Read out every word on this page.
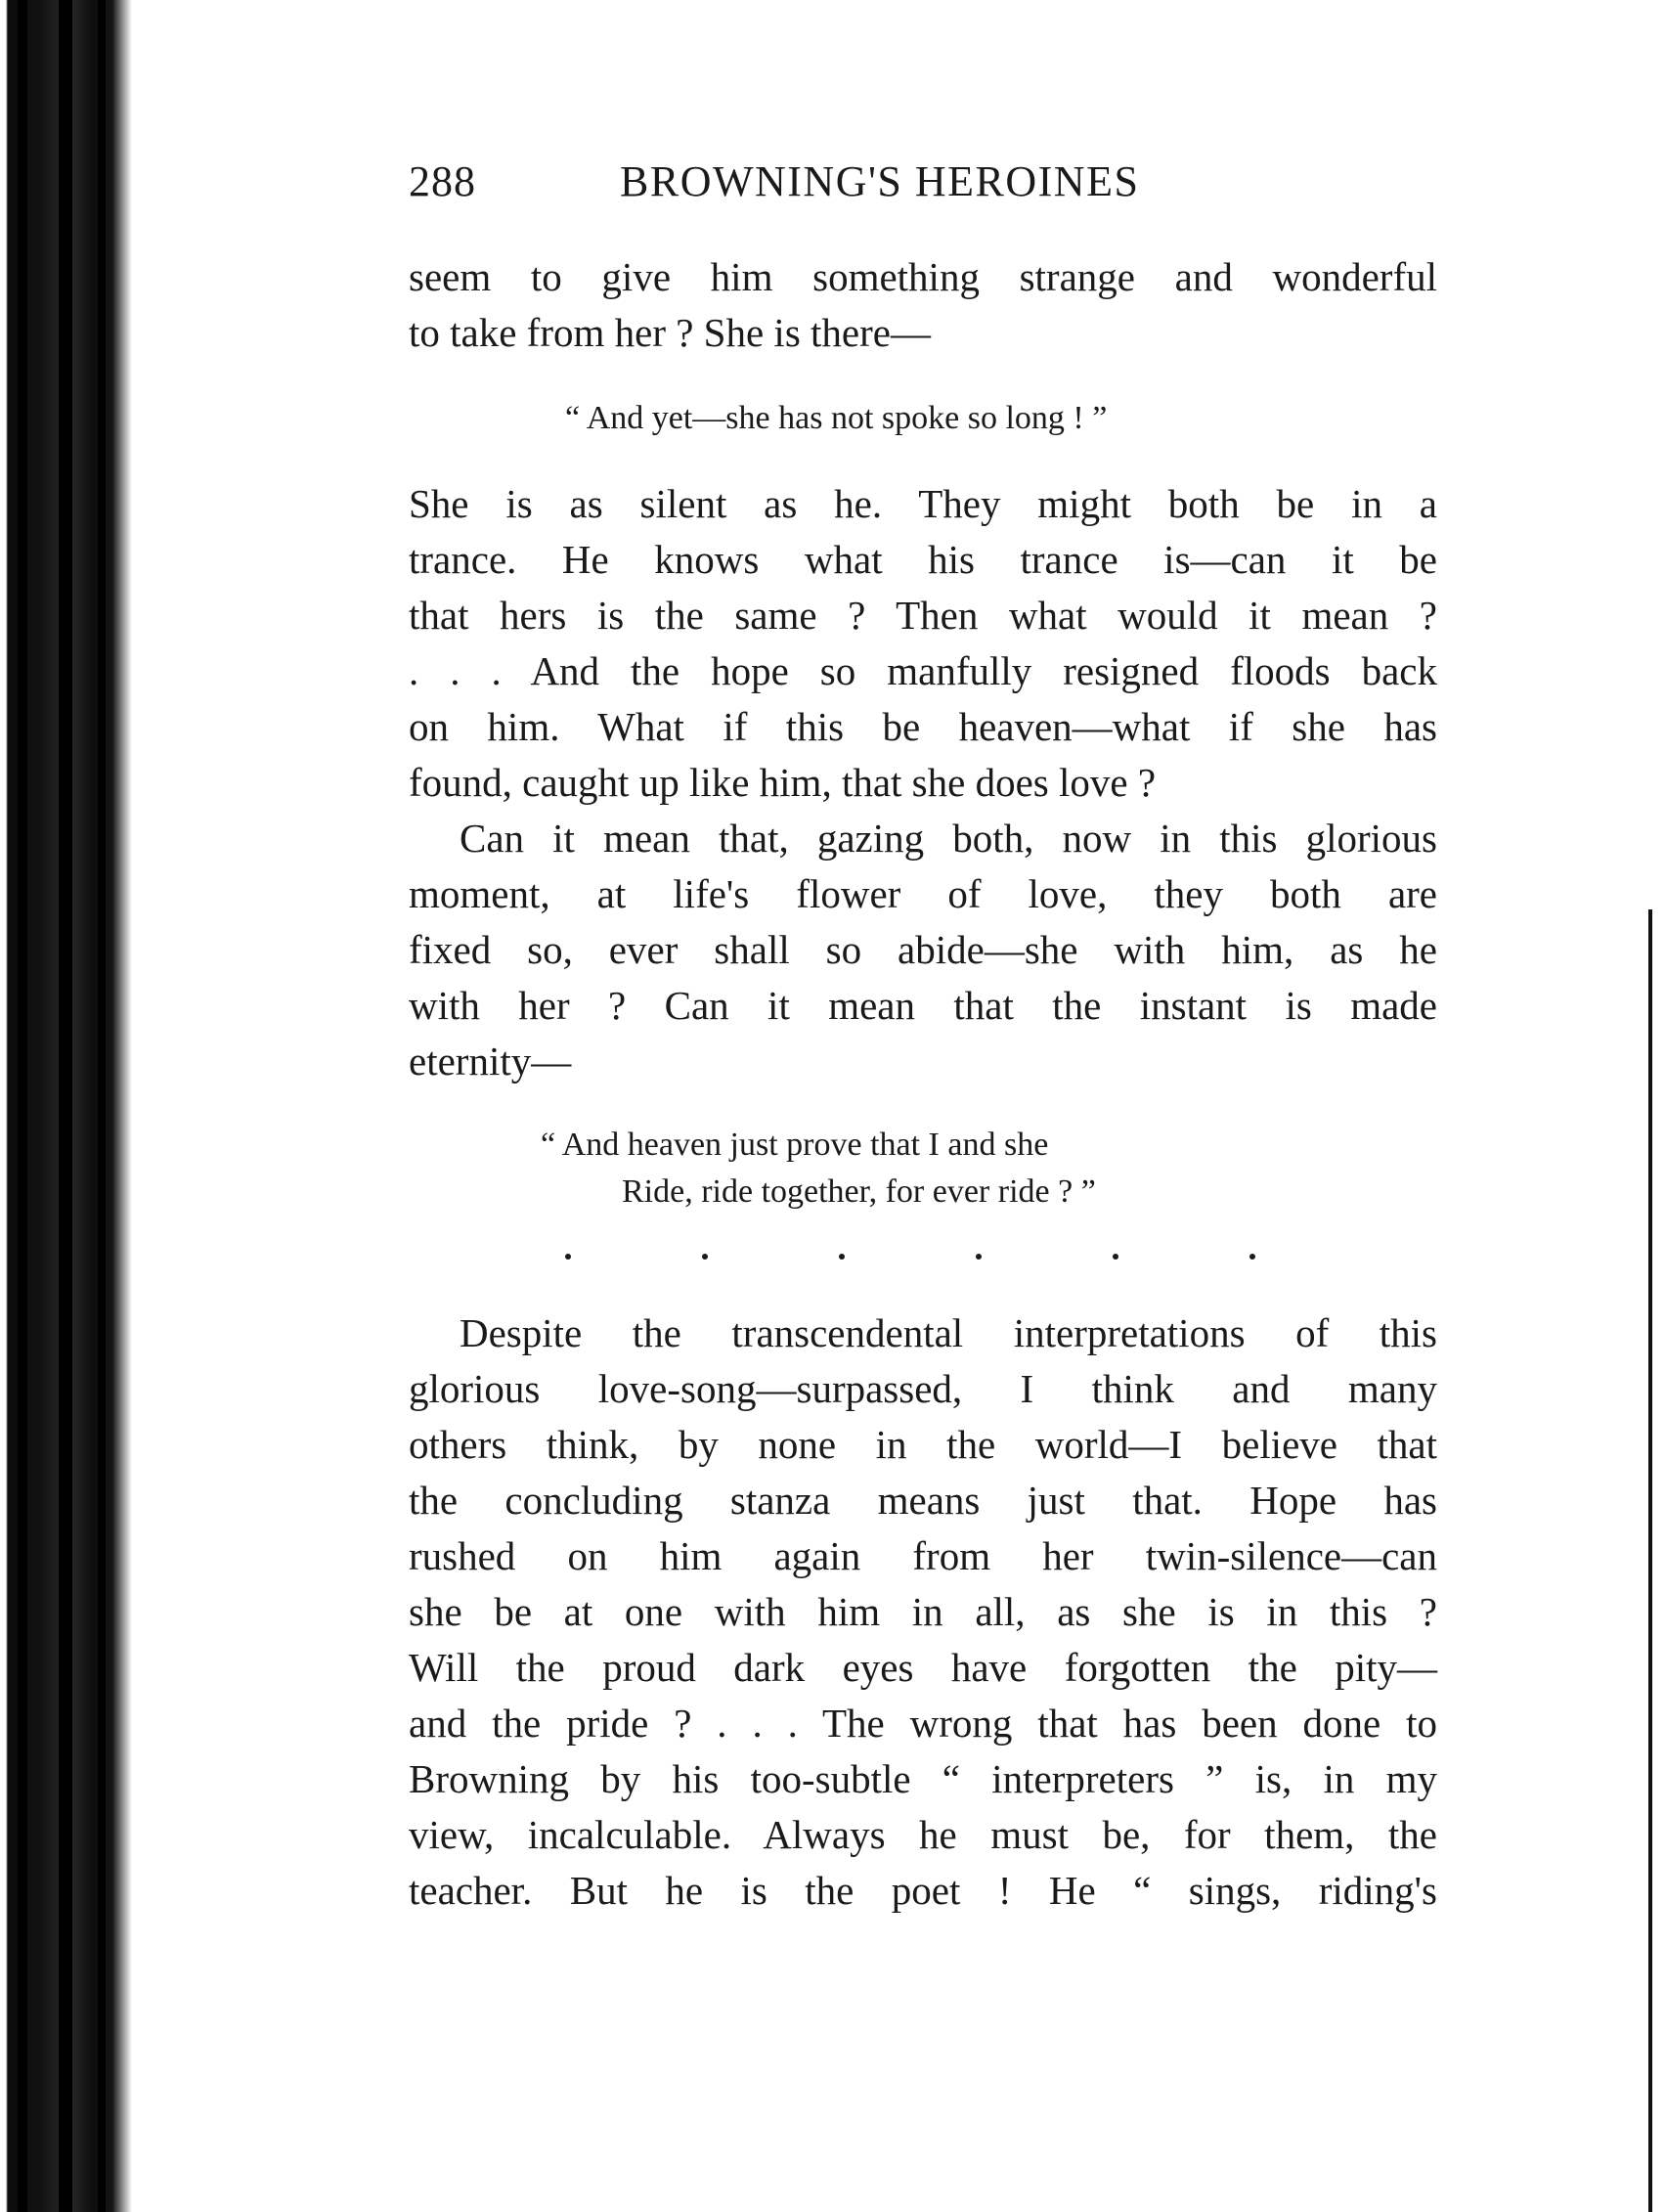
288	BROWNING'S HEROINES
seem to give him something strange and wonderful
to take from her ? She is there—
“ And yet—she has not spoke so long ! ”
She is as silent as he. They might both be in a
trance. He knows what his trance is—can it be
that hers is the same ? Then what would it mean ?
. . . And the hope so manfully resigned floods back
on him. What if this be heaven—what if she has
found, caught up like him, that she does love ?
Can it mean that, gazing both, now in this glorious
moment, at life's flower of love, they both are
fixed so, ever shall so abide—she with him, as he
with her ? Can it mean that the instant is made
eternity—
“ And heaven just prove that I and she
Ride, ride together, for ever ride ? ”
Despite the transcendental interpretations of this
glorious love-song—surpassed, I think and many
others think, by none in the world—I believe that
the concluding stanza means just that. Hope has
rushed on him again from her twin-silence—can
she be at one with him in all, as she is in this ?
Will the proud dark eyes have forgotten the pity—
and the pride ? . . . The wrong that has been done to
Browning by his too-subtle “ interpreters ” is, in my
view, incalculable. Always he must be, for them, the
teacher. But he is the poet ! He “ sings, riding's
